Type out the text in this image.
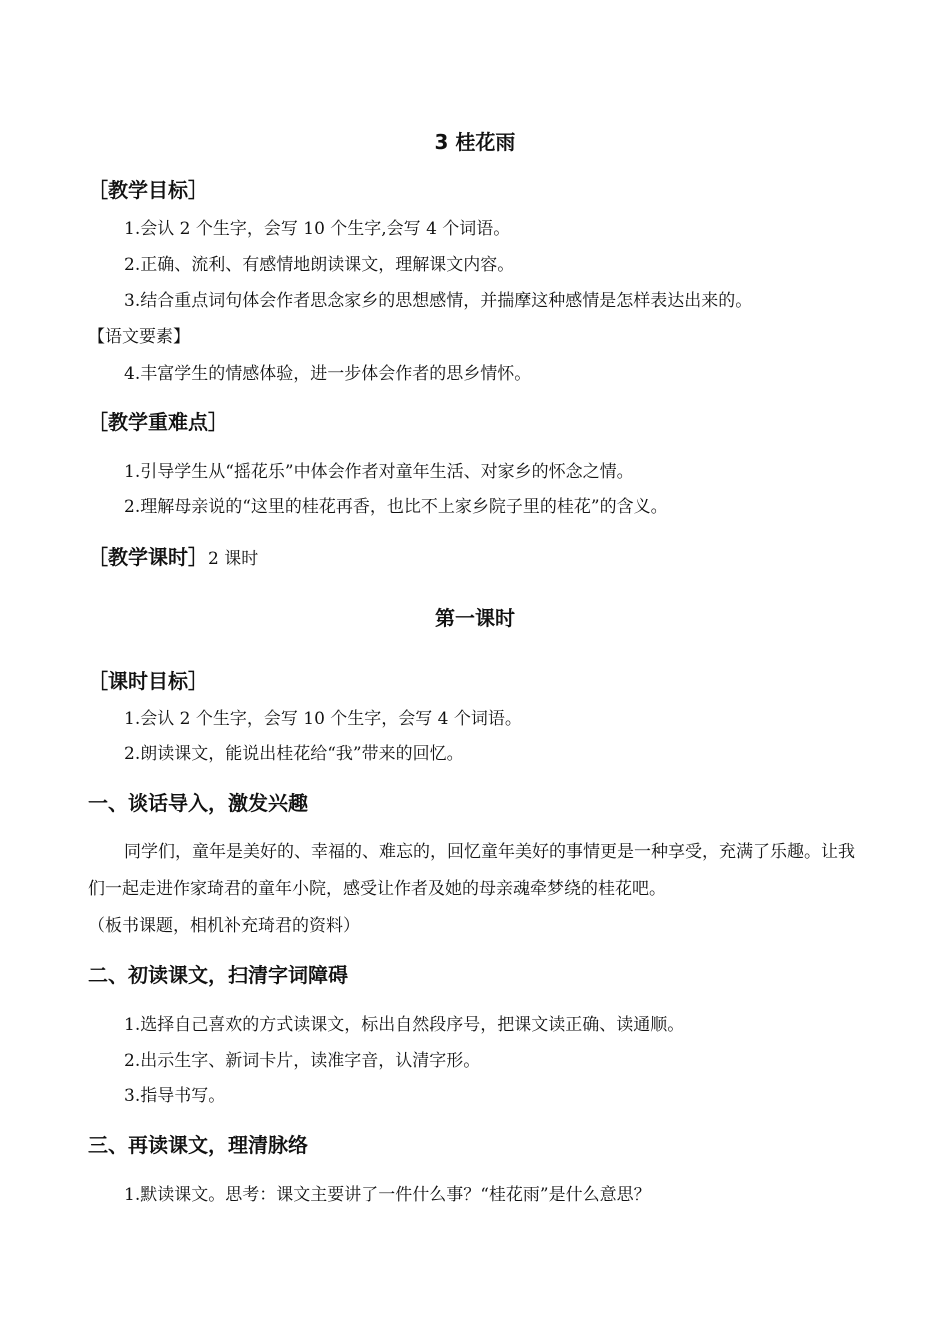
3 桂花雨
［教学目标］
1.会认 2 个生字，会写 10 个生字,会写 4 个词语。
2.正确、流利、有感情地朗读课文，理解课文内容。
3.结合重点词句体会作者思念家乡的思想感情，并揣摩这种感情是怎样表达出来的。
【语文要素】
4.丰富学生的情感体验，进一步体会作者的思乡情怀。
［教学重难点］
1.引导学生从“摇花乐”中体会作者对童年生活、对家乡的怀念之情。
2.理解母亲说的“这里的桂花再香，也比不上家乡院子里的桂花”的含义。
［教学课时］2 课时
第一课时
［课时目标］
1.会认 2 个生字，会写 10 个生字，会写 4 个词语。
2.朗读课文，能说出桂花给“我”带来的回忆。
一、谈话导入，激发兴趣
同学们，童年是美好的、幸福的、难忘的，回忆童年美好的事情更是一种享受，充满了乐趣。让我们一起走进作家琦君的童年小院，感受让作者及她的母亲魂牵梦绕的桂花吧。
（板书课题，相机补充琦君的资料）
二、初读课文，扫清字词障碍
1.选择自己喜欢的方式读课文，标出自然段序号，把课文读正确、读通顺。
2.出示生字、新词卡片，读准字音，认清字形。
3.指导书写。
三、再读课文，理清脉络
1.默读课文。思考：课文主要讲了一件什么事？“桂花雨”是什么意思？
